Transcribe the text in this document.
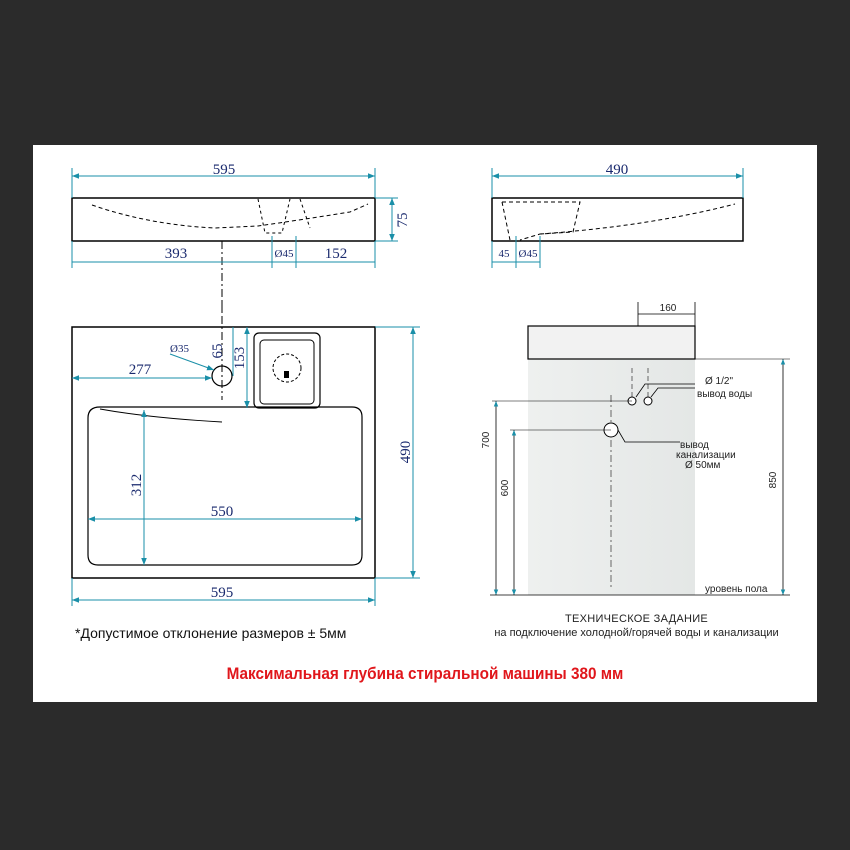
595
75
393	Ø45 152
490
45 Ø45
Ø35 65 153
277
490
312
550
595
160
Ø 1/2"
вывод воды
вывод
канализации
Ø 50мм
700
600	850
уровень пола
*Допустимое отклонение размеров ± 5мм
ТЕХНИЧЕСКОЕ ЗАДАНИЕ
на подключение холодной/горячей воды и канализации
Максимальная глубина стиральной машины 380 мм
